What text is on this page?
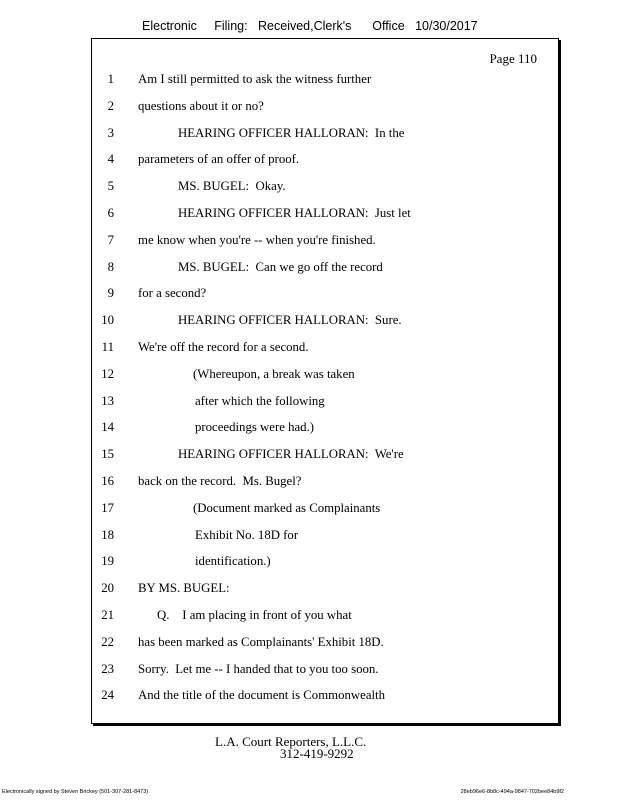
Electronic     Filing:   Received,Clerk's      Office   10/30/2017
Page 110
1 Am I still permitted to ask the witness further
2 questions about it or no?
3	HEARING OFFICER HALLORAN:  In the
4 parameters of an offer of proof.
5	MS. BUGEL:  Okay.
6	HEARING OFFICER HALLORAN:  Just let
7 me know when you're -- when you're finished.
8	MS. BUGEL:  Can we go off the record
9 for a second?
10	HEARING OFFICER HALLORAN:  Sure.
11 We're off the record for a second.
12	(Whereupon, a break was taken
13	after which the following
14	proceedings were had.)
15	HEARING OFFICER HALLORAN:  We're
16 back on the record.  Ms. Bugel?
17	(Document marked as Complainants
18	Exhibit No. 18D for
19	identification.)
20 BY MS. BUGEL:
21	Q.    I am placing in front of you what
22 has been marked as Complainants' Exhibit 18D.
23 Sorry.  Let me -- I handed that to you too soon.
24 And the title of the document is Commonwealth
L.A. Court Reporters, L.L.C.
312-419-9292
Electronically signed by Steven Brickey (501-307-281-8473)	28eb96e6-8b8c-494a-9847-702bee84b9f2
